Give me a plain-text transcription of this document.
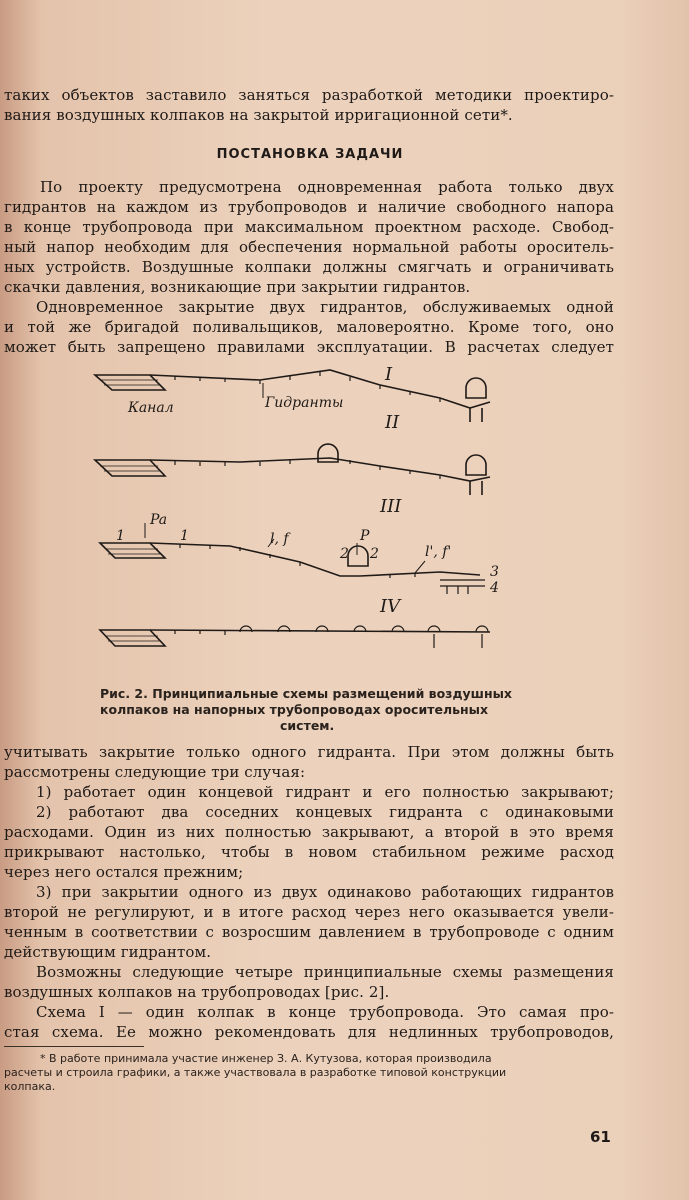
таких объектов заставило заняться разработкой методики проектиро-
вания воздушных колпаков на закрытой ирригационной сети*.
ПОСТАНОВКА ЗАДАЧИ
По проекту предусмотрена одновременная работа только двух
гидрантов на каждом из трубопроводов и наличие свободного напора
в конце трубопровода при максимальном проектном расходе. Свобод-
ный напор необходим для обеспечения нормальной работы ороситель-
ных устройств. Воздушные колпаки должны смягчать и ограничивать
скачки давления, возникающие при закрытии гидрантов.
Одновременное закрытие двух гидрантов, обслуживаемых одной
и той же бригадой поливальщиков, маловероятно. Кроме того, оно
может быть запрещено правилами эксплуатации. В расчетах следует
I
II
III
IV
Канал	Гидранты
Pa
P
l, f
l', f'
1	1
2 2
3
4
Рис. 2. Принципиальные схемы размещений воздушных
колпаков на напорных трубопроводах оросительных
систем.
учитывать закрытие только одного гидранта. При этом должны быть
рассмотрены следующие три случая:
1) работает один концевой гидрант и его полностью закрывают;
2) работают два соседних концевых гидранта с одинаковыми
расходами. Один из них полностью закрывают, а второй в это время
прикрывают настолько, чтобы в новом стабильном режиме расход
через него остался прежним;
3) при закрытии одного из двух одинаково работающих гидрантов
второй не регулируют, и в итоге расход через него оказывается увели-
ченным в соответствии с возросшим давлением в трубопроводе с одним
действующим гидрантом.
Возможны следующие четыре принципиальные схемы размещения
воздушных колпаков на трубопроводах [рис. 2].
Схема I — один колпак в конце трубопровода. Это самая про-
стая схема. Ее можно рекомендовать для недлинных трубопроводов,
* В работе принимала участие инженер З. А. Кутузова, которая производила
расчеты и строила графики, а также участвовала в разработке типовой конструкции
колпака.
61
